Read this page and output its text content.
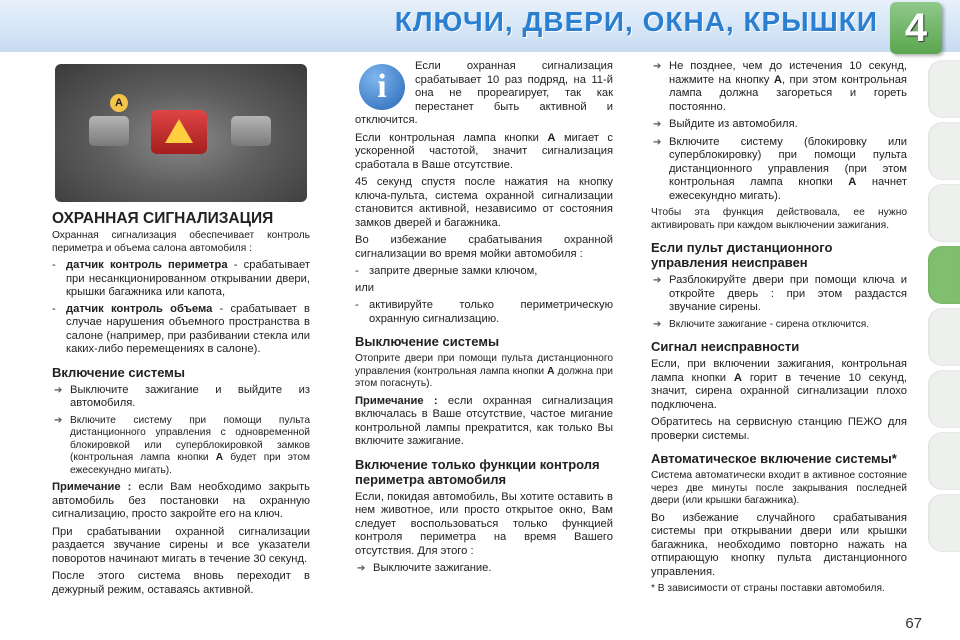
КЛЮЧИ, ДВЕРИ, ОКНА, КРЫШКИ 4
A
ОХРАННАЯ СИГНАЛИЗАЦИЯ

Охранная сигнализация обеспечивает контроль периметра и объема салона автомобиля :

- датчик контроль периметра - срабатывает при несанкционированном открывании двери, крышки багажника или капота,
- датчик контроль объема - срабатывает в случае нарушения объемного пространства в салоне (например, при разбивании стекла или каких-либо перемещениях в салоне).
Включение системы
➔ Выключите зажигание и выйдите из автомобиля.
➔ Включите систему при помощи пульта дистанционного управления с одновременной блокировкой или суперблокировкой замков (контрольная лампа кнопки A будет при этом ежесекундно мигать).

Примечание : если Вам необходимо закрыть автомобиль без постановки на охранную сигнализацию, просто закройте его на ключ.

При срабатывании охранной сигнализации раздается звучание сирены и все указатели поворотов начинают мигать в течение 30 секунд.

После этого система вновь переходит в дежурный режим, оставаясь активной.

i

Если охранная сигнализация срабатывает 10 раз подряд, на 11-й она не прореагирует, так как перестанет быть активной и отключится.

Если контрольная лампа кнопки A мигает с ускоренной частотой, значит сигнализация сработала в Ваше отсутствие.

45 секунд спустя после нажатия на кнопку ключа-пульта, система охранной сигнализации становится активной, независимо от состояния замков дверей и багажника.

Во избежание срабатывания охранной сигнализации во время мойки автомобиля :

- заприте дверные замки ключом,

или

- активируйте только периметрическую охранную сигнализацию.
Выключение системы

Отоприте двери при помощи пульта дистанционного управления (контрольная лампа кнопки A должна при этом погаснуть).

Примечание : если охранная сигнализация включалась в Ваше отсутствие, частое мигание контрольной лампы прекратится, как только Вы включите зажигание.

Включение только функции контроля периметра автомобиля

Если, покидая автомобиль, Вы хотите оставить в нем животное, или просто открытое окно, Вам следует воспользоваться только функцией контроля периметра на время Вашего отсутствия. Для этого :

➔ Выключите зажигание.
➔ Не позднее, чем до истечения 10 секунд, нажмите на кнопку A, при этом контрольная лампа должна загореться и гореть постоянно.
➔ Выйдите из автомобиля.
➔ Включите систему (блокировку или суперблокировку) при помощи пульта дистанционного управления (при этом контрольная лампа кнопки A начнет ежесекундно мигать).

Чтобы эта функция действовала, ее нужно активировать при каждом выключении зажигания.

Если пульт дистанционного управления неисправен
➔ Разблокируйте двери при помощи ключа и откройте дверь : при этом раздастся звучание сирены.
➔ Включите зажигание - сирена отключится.
Сигнал неисправности

Если, при включении зажигания, контрольная лампа кнопки A горит в течение 10 секунд, значит, сирена охранной сигнализации плохо подключена.

Обратитесь на сервисную станцию ПЕЖО для проверки системы.

Автоматическое включение системы*

Система автоматически входит в активное состояние через две минуты после закрывания последней двери (или крышки багажника).

Во избежание случайного срабатывания системы при открывании двери или крышки багажника, необходимо повторно нажать на отпирающую кнопку пульта дистанционного управления.

* В зависимости от страны поставки автомобиля.

67
